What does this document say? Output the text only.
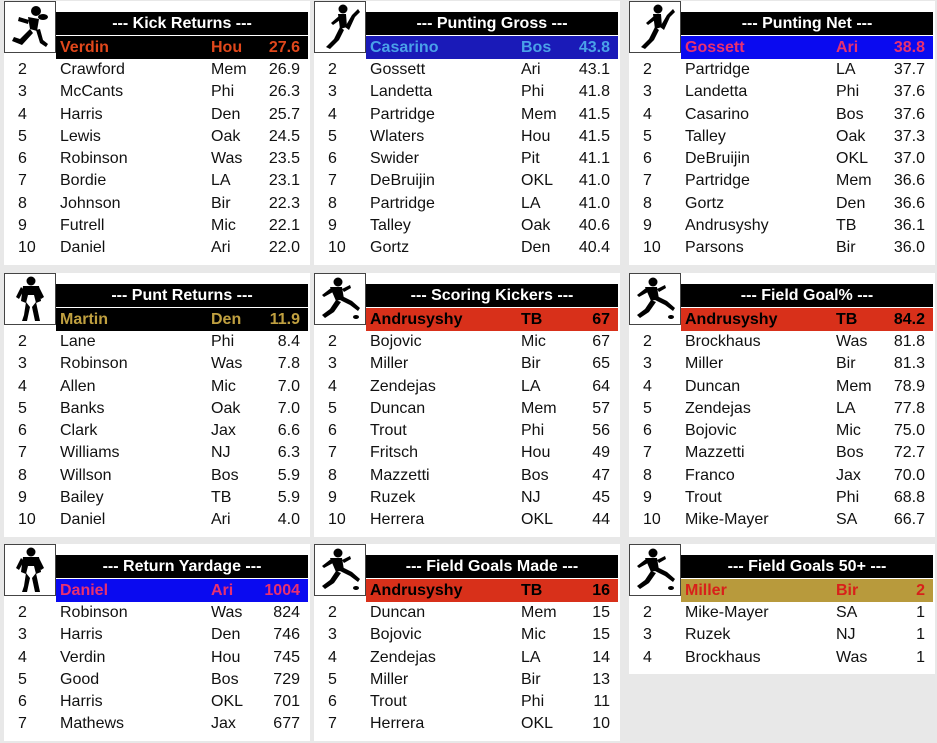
--- Kick Returns ---
Verdin	Hou 27.6
2 Crawford	Mem 26.9
3 McCants	Phi 26.3
4 Harris	Den 25.7
5 Lewis	Oak 24.5
6 Robinson	Was 23.5
7 Bordie	LA 23.1
8 Johnson	Bir 22.3
9 Futrell	Mic 22.1
10 Daniel	Ari 22.0
--- Punting Gross ---
Casarino	Bos 43.8
2 Gossett	Ari 43.1
3 Landetta	Phi 41.8
4 Partridge	Mem 41.5
5 Wlaters	Hou 41.5
6 Swider	Pit 41.1
7 DeBruijin	OKL 41.0
8 Partridge	LA 41.0
9 Talley	Oak 40.6
10 Gortz	Den 40.4
--- Punting Net ---
Gossett	Ari 38.8
2 Partridge	LA 37.7
3 Landetta	Phi 37.6
4 Casarino	Bos 37.6
5 Talley	Oak 37.3
6 DeBruijin	OKL 37.0
7 Partridge	Mem 36.6
8 Gortz	Den 36.6
9 Andrusyshy	TB 36.1
10 Parsons	Bir 36.0
--- Punt Returns ---
Martin	Den 11.9
2 Lane	Phi	8.4
3 Robinson	Was 7.8
4 Allen	Mic	7.0
5 Banks	Oak 7.0
6 Clark	Jax	6.6
7 Williams	NJ	6.3
8 Willson	Bos 5.9
9 Bailey	TB	5.9
10 Daniel	Ari	4.0
--- Scoring Kickers ---
Andrusyshy	TB	67
2 Bojovic	Mic	67
3 Miller	Bir	65
4 Zendejas	LA	64
5 Duncan	Mem 57
6 Trout	Phi	56
7 Fritsch	Hou	49
8 Mazzetti	Bos	47
9 Ruzek	NJ	45
10 Herrera	OKL 44
--- Field Goal% ---
Andrusyshy	TB 84.2
2 Brockhaus	Was 81.8
3 Miller	Bir 81.3
4 Duncan	Mem 78.9
5 Zendejas	LA 77.8
6 Bojovic	Mic 75.0
7 Mazzetti	Bos 72.7
8 Franco	Jax 70.0
9 Trout	Phi 68.8
10 Mike-Mayer	SA 66.7
--- Return Yardage ---
Daniel	Ari 1004
2 Robinson	Was 824
3 Harris	Den 746
4 Verdin	Hou 745
5 Good	Bos 729
6 Harris	OKL 701
7 Mathews	Jax 677
--- Field Goals Made ---
Andrusyshy	TB	16
2 Duncan	Mem 15
3 Bojovic	Mic	15
4 Zendejas	LA	14
5 Miller	Bir	13
6 Trout	Phi	11
7 Herrera	OKL 10
--- Field Goals 50+ ---
Miller	Bir	2
2 Mike-Mayer	SA	1
3 Ruzek	NJ	1
4 Brockhaus	Was	1
